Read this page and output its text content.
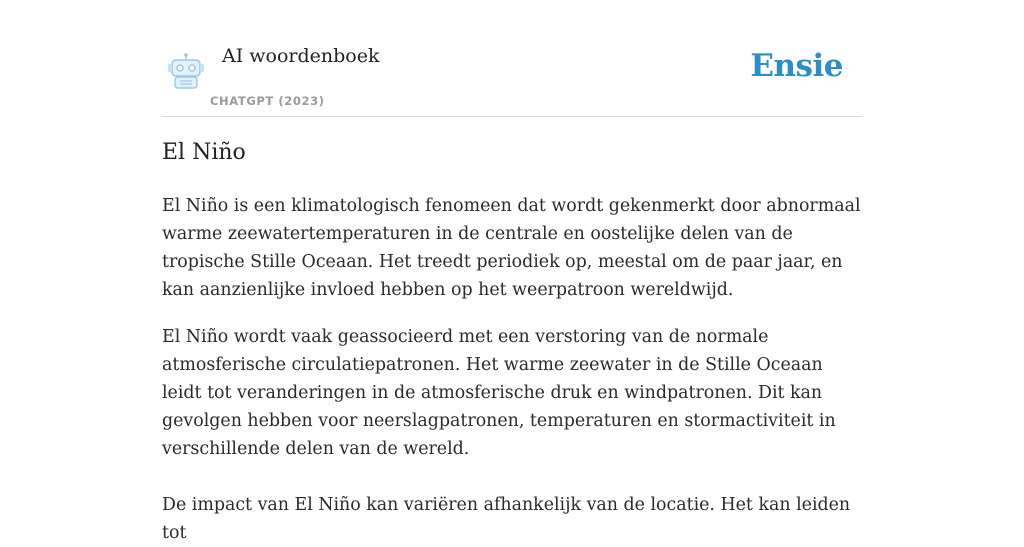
AI woordenboek
CHATGPT (2023)
Ensie
El Niño

El Niño is een klimatologisch fenomeen dat wordt gekenmerkt door abnormaal warme zeewatertemperaturen in de centrale en oostelijke delen van de tropische Stille Oceaan. Het treedt periodiek op, meestal om de paar jaar, en kan aanzienlijke invloed hebben op het weerpatroon wereldwijd.

El Niño wordt vaak geassocieerd met een verstoring van de normale atmosferische circulatiepatronen. Het warme zeewater in de Stille Oceaan leidt tot veranderingen in de atmosferische druk en windpatronen. Dit kan gevolgen hebben voor neerslagpatronen, temperaturen en stormactiviteit in verschillende delen van de wereld.

De impact van El Niño kan variëren afhankelijk van de locatie. Het kan leiden tot
